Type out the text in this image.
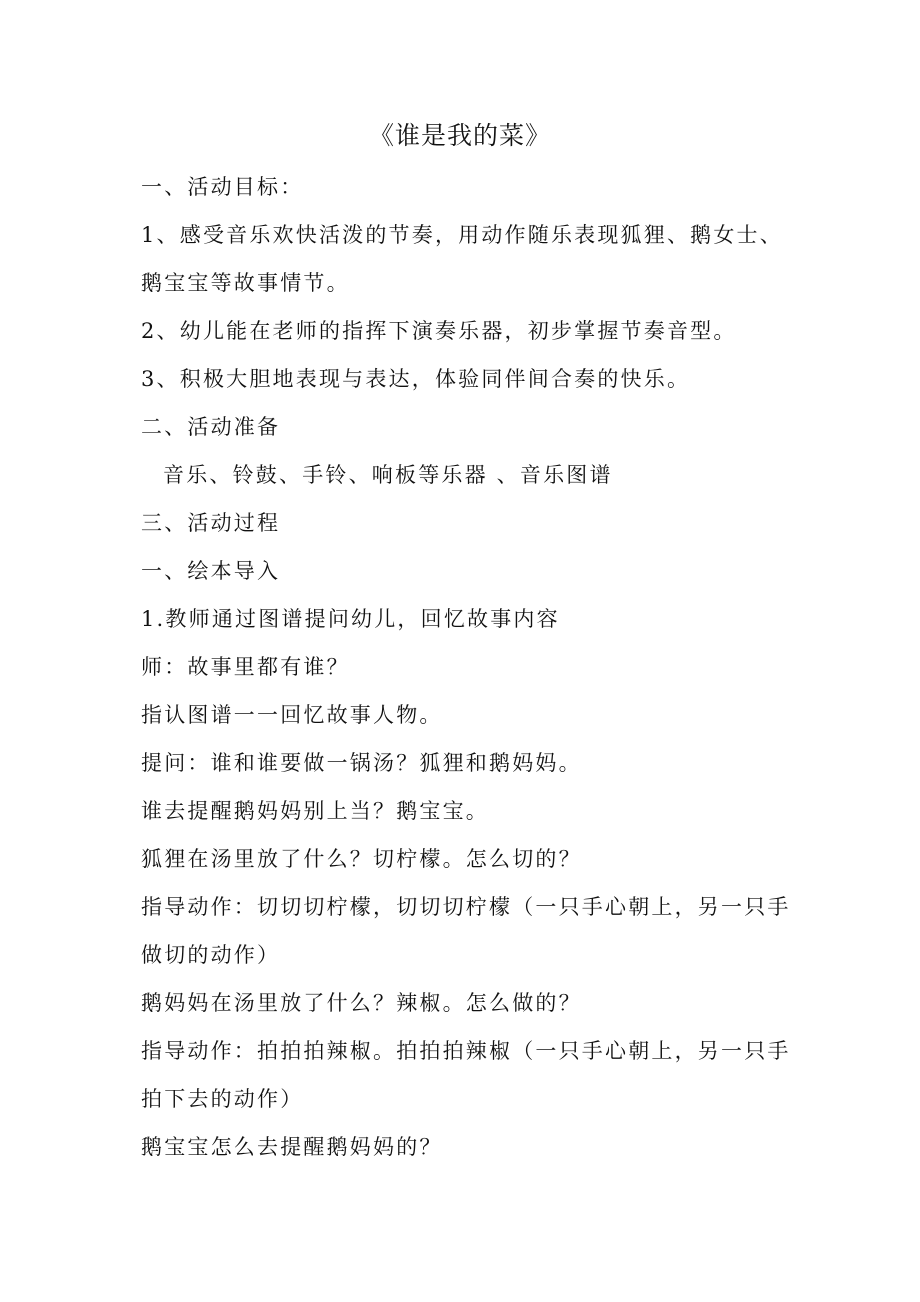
《谁是我的菜》
一、活动目标：
1、感受音乐欢快活泼的节奏，用动作随乐表现狐狸、鹅女士、
鹅宝宝等故事情节。
2、幼儿能在老师的指挥下演奏乐器，初步掌握节奏音型。
3、积极大胆地表现与表达，体验同伴间合奏的快乐。
二、活动准备
音乐、铃鼓、手铃、响板等乐器 、音乐图谱
三、活动过程
一、绘本导入
1.教师通过图谱提问幼儿，回忆故事内容
师：故事里都有谁？
指认图谱一一回忆故事人物。
提问：谁和谁要做一锅汤？狐狸和鹅妈妈。
谁去提醒鹅妈妈别上当？鹅宝宝。
狐狸在汤里放了什么？切柠檬。怎么切的？
指导动作：切切切柠檬，切切切柠檬（一只手心朝上，另一只手
做切的动作）
鹅妈妈在汤里放了什么？辣椒。怎么做的？
指导动作：拍拍拍辣椒。拍拍拍辣椒（一只手心朝上，另一只手
拍下去的动作）
鹅宝宝怎么去提醒鹅妈妈的？
